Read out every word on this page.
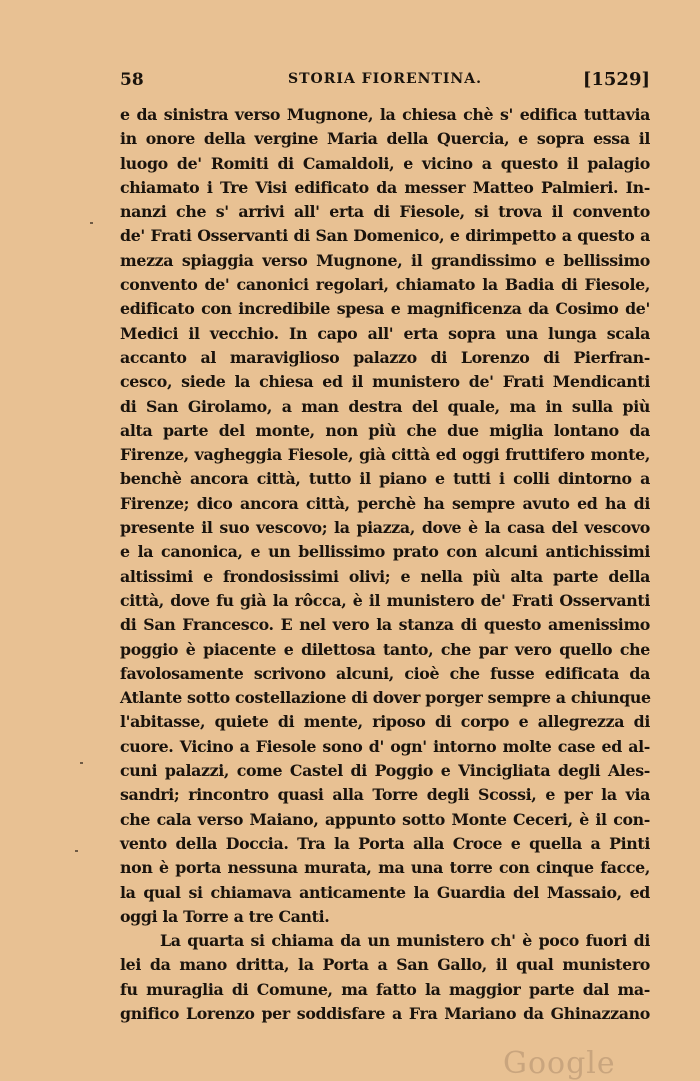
58	STORIA FIORENTINA.	[1529]
e da sinistra verso Mugnone, la chiesa chè s' edifica tuttavia
in onore della vergine Maria della Quercia, e sopra essa il
luogo de' Romiti di Camaldoli, e vicino a questo il palagio
chiamato i Tre Visi edificato da messer Matteo Palmieri. In-
nanzi che s' arrivi all' erta di Fiesole, si trova il convento
de' Frati Osservanti di San Domenico, e dirimpetto a questo a
mezza spiaggia verso Mugnone, il grandissimo e bellissimo
convento de' canonici regolari, chiamato la Badia di Fiesole,
edificato con incredibile spesa e magnificenza da Cosimo de'
Medici il vecchio. In capo all' erta sopra una lunga scala
accanto al maraviglioso palazzo di Lorenzo di Pierfran-
cesco, siede la chiesa ed il munistero de' Frati Mendicanti
di San Girolamo, a man destra del quale, ma in sulla più
alta parte del monte, non più che due miglia lontano da
Firenze, vagheggia Fiesole, già città ed oggi fruttifero monte,
benchè ancora città, tutto il piano e tutti i colli dintorno a
Firenze; dico ancora città, perchè ha sempre avuto ed ha di
presente il suo vescovo; la piazza, dove è la casa del vescovo
e la canonica, e un bellissimo prato con alcuni antichissimi
altissimi e frondosissimi olivi; e nella più alta parte della
città, dove fu già la rôcca, è il munistero de' Frati Osservanti
di San Francesco. E nel vero la stanza di questo amenissimo
poggio è piacente e dilettosa tanto, che par vero quello che
favolosamente scrivono alcuni, cioè che fusse edificata da
Atlante sotto costellazione di dover porger sempre a chiunque
l'abitasse, quiete di mente, riposo di corpo e allegrezza di
cuore. Vicino a Fiesole sono d' ogn' intorno molte case ed al-
cuni palazzi, come Castel di Poggio e Vincigliata degli Ales-
sandri; rincontro quasi alla Torre degli Scossi, e per la via
che cala verso Maiano, appunto sotto Monte Ceceri, è il con-
vento della Doccia. Tra la Porta alla Croce e quella a Pinti
non è porta nessuna murata, ma una torre con cinque facce,
la qual si chiamava anticamente la Guardia del Massaio, ed
oggi la Torre a tre Canti.
La quarta si chiama da un munistero ch' è poco fuori di
lei da mano dritta, la Porta a San Gallo, il qual munistero
fu muraglia di Comune, ma fatto la maggior parte dal ma-
gnifico Lorenzo per soddisfare a Fra Mariano da Ghinazzano
Google
